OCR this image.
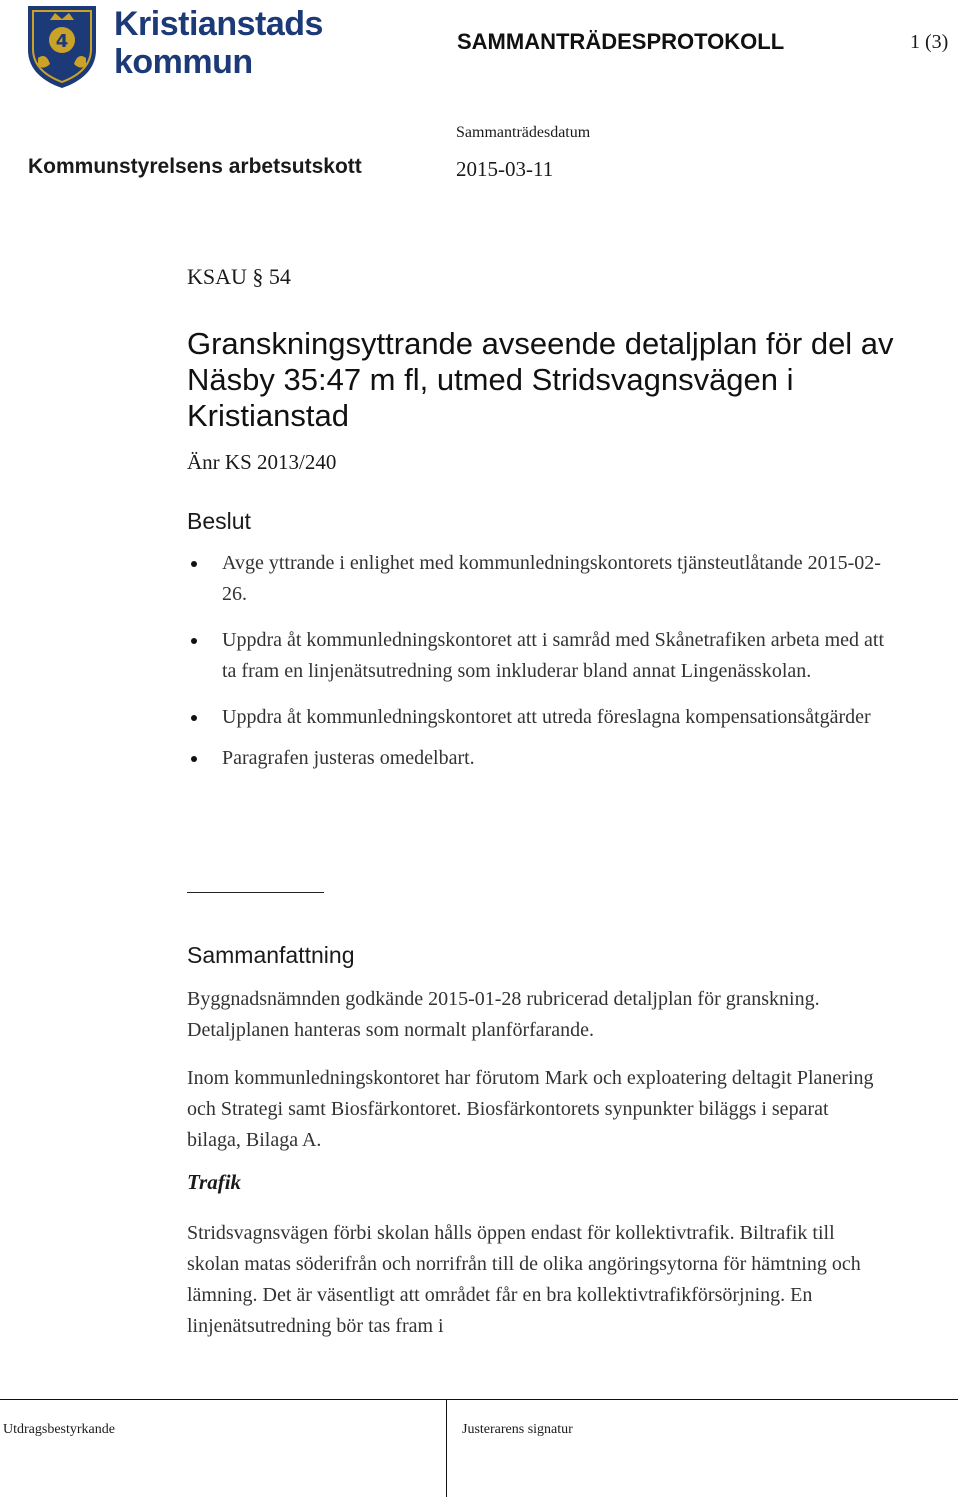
4 Kristianstads
kommun
SAMMANTRÄDESPROTOKOLL	1 (3)
Sammanträdesdatum
Kommunstyrelsens arbetsutskott	2015-03-11
KSAU § 54
Granskningsyttrande avseende detaljplan för del av Näsby 35:47 m fl, utmed Stridsvagnsvägen i Kristianstad
Änr KS 2013/240
Beslut
Avge yttrande i enlighet med kommunledningskontorets tjänsteutlåtande 2015-02-26.
Uppdra åt kommunledningskontoret att i samråd med Skånetrafiken arbeta med att ta fram en linjenätsutredning som inkluderar bland annat Lingenässkolan.
Uppdra åt kommunledningskontoret att utreda föreslagna kompensationsåtgärder
Paragrafen justeras omedelbart.
Sammanfattning

Byggnadsnämnden godkände 2015-01-28 rubricerad detaljplan för granskning. Detaljplanen hanteras som normalt planförfarande.

Inom kommunledningskontoret har förutom Mark och exploatering deltagit Planering och Strategi samt Biosfärkontoret. Biosfärkontorets synpunkter biläggs i separat bilaga, Bilaga A.

Trafik

Stridsvagnsvägen förbi skolan hålls öppen endast för kollektivtrafik. Biltrafik till skolan matas söderifrån och norrifrån till de olika angöringsytorna för hämtning och lämning. Det är väsentligt att området får en bra kollektivtrafikförsörjning. En linjenätsutredning bör tas fram i

Utdragsbestyrkande	Justerarens signatur
